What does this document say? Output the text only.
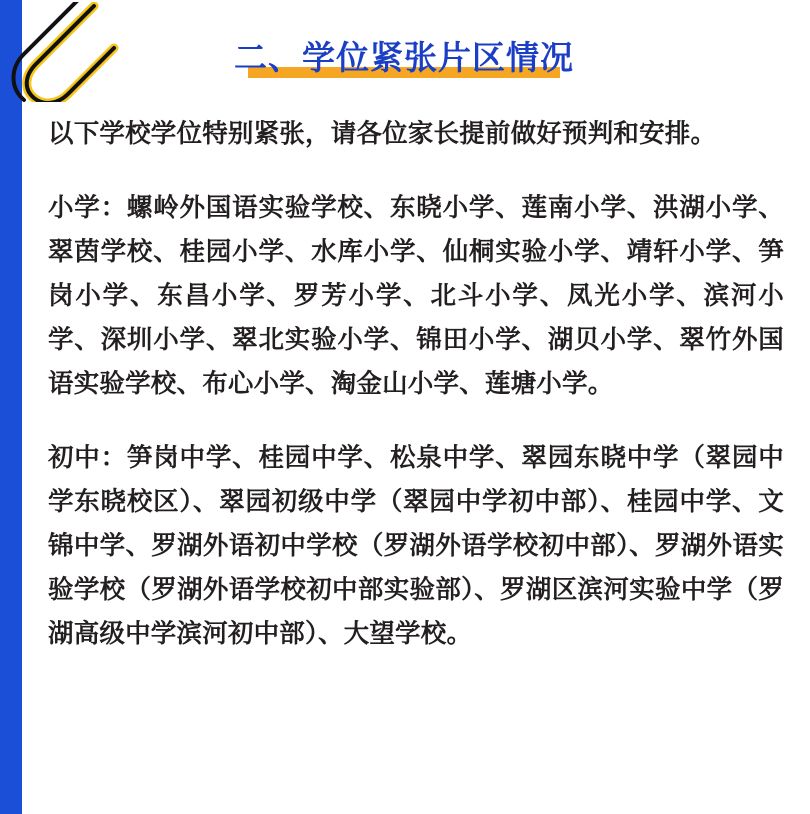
二、学位紧张片区情况

以下学校学位特别紧张，请各位家长提前做好预判和安排。

小学：螺岭外国语实验学校、东晓小学、莲南小学、洪湖小学、翠茵学校、桂园小学、水库小学、仙桐实验小学、靖轩小学、笋岗小学、东昌小学、罗芳小学、北斗小学、凤光小学、滨河小学、深圳小学、翠北实验小学、锦田小学、湖贝小学、翠竹外国语实验学校、布心小学、淘金山小学、莲塘小学。

初中：笋岗中学、桂园中学、松泉中学、翠园东晓中学（翠园中学东晓校区）、翠园初级中学（翠园中学初中部）、桂园中学、文锦中学、罗湖外语初中学校（罗湖外语学校初中部）、罗湖外语实验学校（罗湖外语学校初中部实验部）、罗湖区滨河实验中学（罗湖高级中学滨河初中部）、大望学校。
